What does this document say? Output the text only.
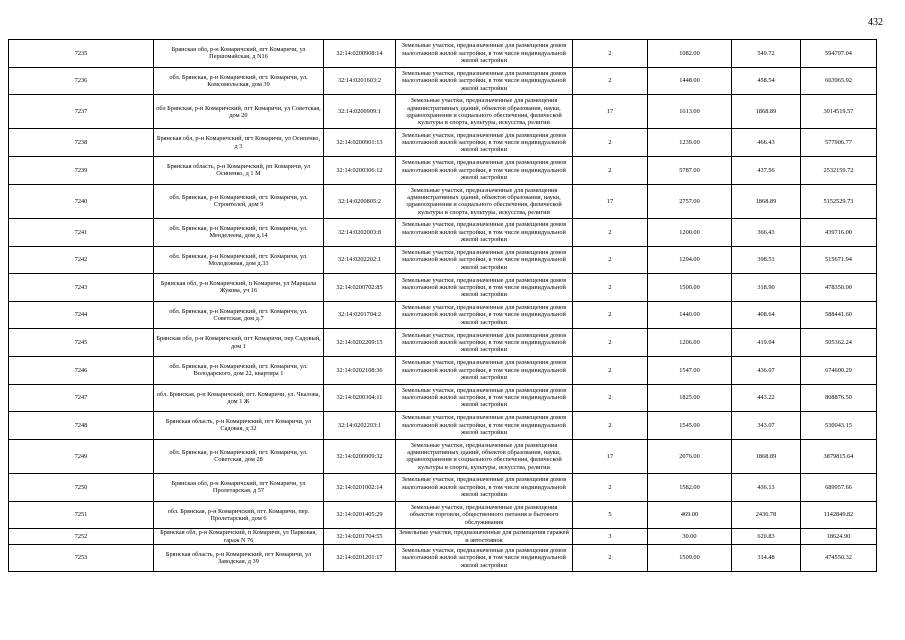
432
7235	Брянская обл, р-н Комаричский, пгт Комаричи, ул Першомайская, д N16	32:14:0200908:14	Земельные участки, предназначенные для размещения домов малоэтажной жилой застройки, в том числе индивидуальной жилой застройки	2	1082.00	549.72	594797.04
7236	обл. Брянская, р-н Комаричский, пгт. Комаричи, ул. Комсомольская, дом 39	32:14:0201603:2	Земельные участки, предназначенные для размещения домов малоэтажной жилой застройки, в том числе индивидуальной жилой застройки	2	1448.00	458.54	663965.92
7237	обл Брянская, р-н Комаричский, пгт Комаричи, ул Советская, дом 20	32:14:0200909:1	Земельные участки, предназначенные для размещения административных зданий, объектов образования, науки, здравоохранения и социального обеспечения, физической культуры и спорта, культуры, искусства, религии	17	1613.00	1868.89	3014519.57
7238	Брянская обл, р-н Комаричский, пгт Комаричи, ул Осипенко, д 3	32:14:0200901:13	Земельные участки, предназначенные для размещения домов малоэтажной жилой застройки, в том числе индивидуальной жилой застройки	2	1239.00	466.43	577906.77
7239	Брянская область, р-н Комаричский, рп Комаричи, ул Осипенко, д 1 М	32:14:0200306:12	Земельные участки, предназначенные для размещения домов малоэтажной жилой застройки, в том числе индивидуальной жилой застройки	2	5787.00	437.56	2532159.72
7240	обл. Брянская, р-н Комаричский, пгт. Комаричи, ул. Строителей, дом 9	32:14:0200805:2	Земельные участки, предназначенные для размещения административных зданий, объектов образования, науки, здравоохранения и социального обеспечения, физической культуры и спорта, культуры, искусства, религии	17	2757.00	1868.89	5152529.73
7241	обл. Брянская, р-н Комаричский, пгт. Комаричи, ул. Менделеева, дом д.14	32:14:0202003:8	Земельные участки, предназначенные для размещения домов малоэтажной жилой застройки, в том числе индивидуальной жилой застройки	2	1200.00	366.43	439716.00
7242	обл. Брянская, р-н Комаричский, пгт. Комаричи, ул. Молодежная, дом д.33	32:14:0202202:1	Земельные участки, предназначенные для размещения домов малоэтажной жилой застройки, в том числе индивидуальной жилой застройки	2	1294.00	398.51	515671.94
7243	Брянская обл, р-н Комаричский, п Комаричи, ул Марщала Жукова, уч 16	32:14:0200702:85	Земельные участки, предназначенные для размещения домов малоэтажной жилой застройки, в том числе индивидуальной жилой застройки	2	1500.00	318.90	478350.00
7244	обл. Брянская, р-н Комаричский, пгт. Комаричи, ул. Советская, дом д.7	32:14:0201704:2	Земельные участки, предназначенные для размещения домов малоэтажной жилой застройки, в том числе индивидуальной жилой застройки	2	1440.00	408.64	588441.60
7245	Брянская обл, р-н Комаричский, пгт Комаричи, пер Садовый, дом 1	32:14:0202209:15	Земельные участки, предназначенные для размещения домов малоэтажной жилой застройки, в том числе индивидуальной жилой застройки	2	1206.00	419.04	505362.24
7246	обл. Брянская, р-н Комаричский, пгт. Комаричи, ул. Володарского, дом 22, квартира 1	32:14:0202108:36	Земельные участки, предназначенные для размещения домов малоэтажной жилой застройки, в том числе индивидуальной жилой застройки	2	1547.00	436.07	674600.29
7247	обл. Брянская, р-н Комаричский, пгт. Комаричи, ул. Чкалова, дом 1 Ж	32:14:0200304:11	Земельные участки, предназначенные для размещения домов малоэтажной жилой застройки, в том числе индивидуальной жилой застройки	2	1825.00	443.22	808876.50
7248	Брянская область, р-н Комаричский, пгт Комаричи, ул Садовая, д 32	32:14:0202203:1	Земельные участки, предназначенные для размещения домов малоэтажной жилой застройки, в том числе индивидуальной жилой застройки	2	1545.00	343.07	530043.15
7249	обл. Брянская, р-н Комаричский, пгт. Комаричи, ул. Советская, дом 28	32:14:0200909:32	Земельные участки, предназначенные для размещения административных зданий, объектов образования, науки, здравоохранения и социального обеспечения, физической культуры и спорта, культуры, искусства, религии	17	2076.00	1868.89	3879815.64
7250	Брянская обл, р-н Комаричский, пгт Комаричи, ул Пролетарская, д 57	32:14:0201002:14	Земельные участки, предназначенные для размещения домов малоэтажной жилой застройки, в том числе индивидуальной жилой застройки	2	1582.00	436.13	689957.66
7251	обл. Брянская, р-н Комаричский, пгт. Комаричи, пер. Пролетарский, дом 6	32:14:0201405:29	Земельные участки, предназначенные для размещения объектов торговли, общественного питания и бытового обслуживания	5	469.00	2436.78	1142849.82
7252	Брянская обл, р-н Комаричский, п Комаричи, ул Парковая, гараж N 76	32:14:0201704:55	Земельные участки, предназначенные для размещения гаражей и автостоянок	3	30.00	620.83	18624.90
7253	Брянская область, р-н Комаричский, пгт Комаричи, ул Заводская, д 39	32:14:0201201:17	Земельные участки, предназначенные для размещения домов малоэтажной жилой застройки, в том числе индивидуальной жилой застройки	2	1509.00	314.48	474550.32
